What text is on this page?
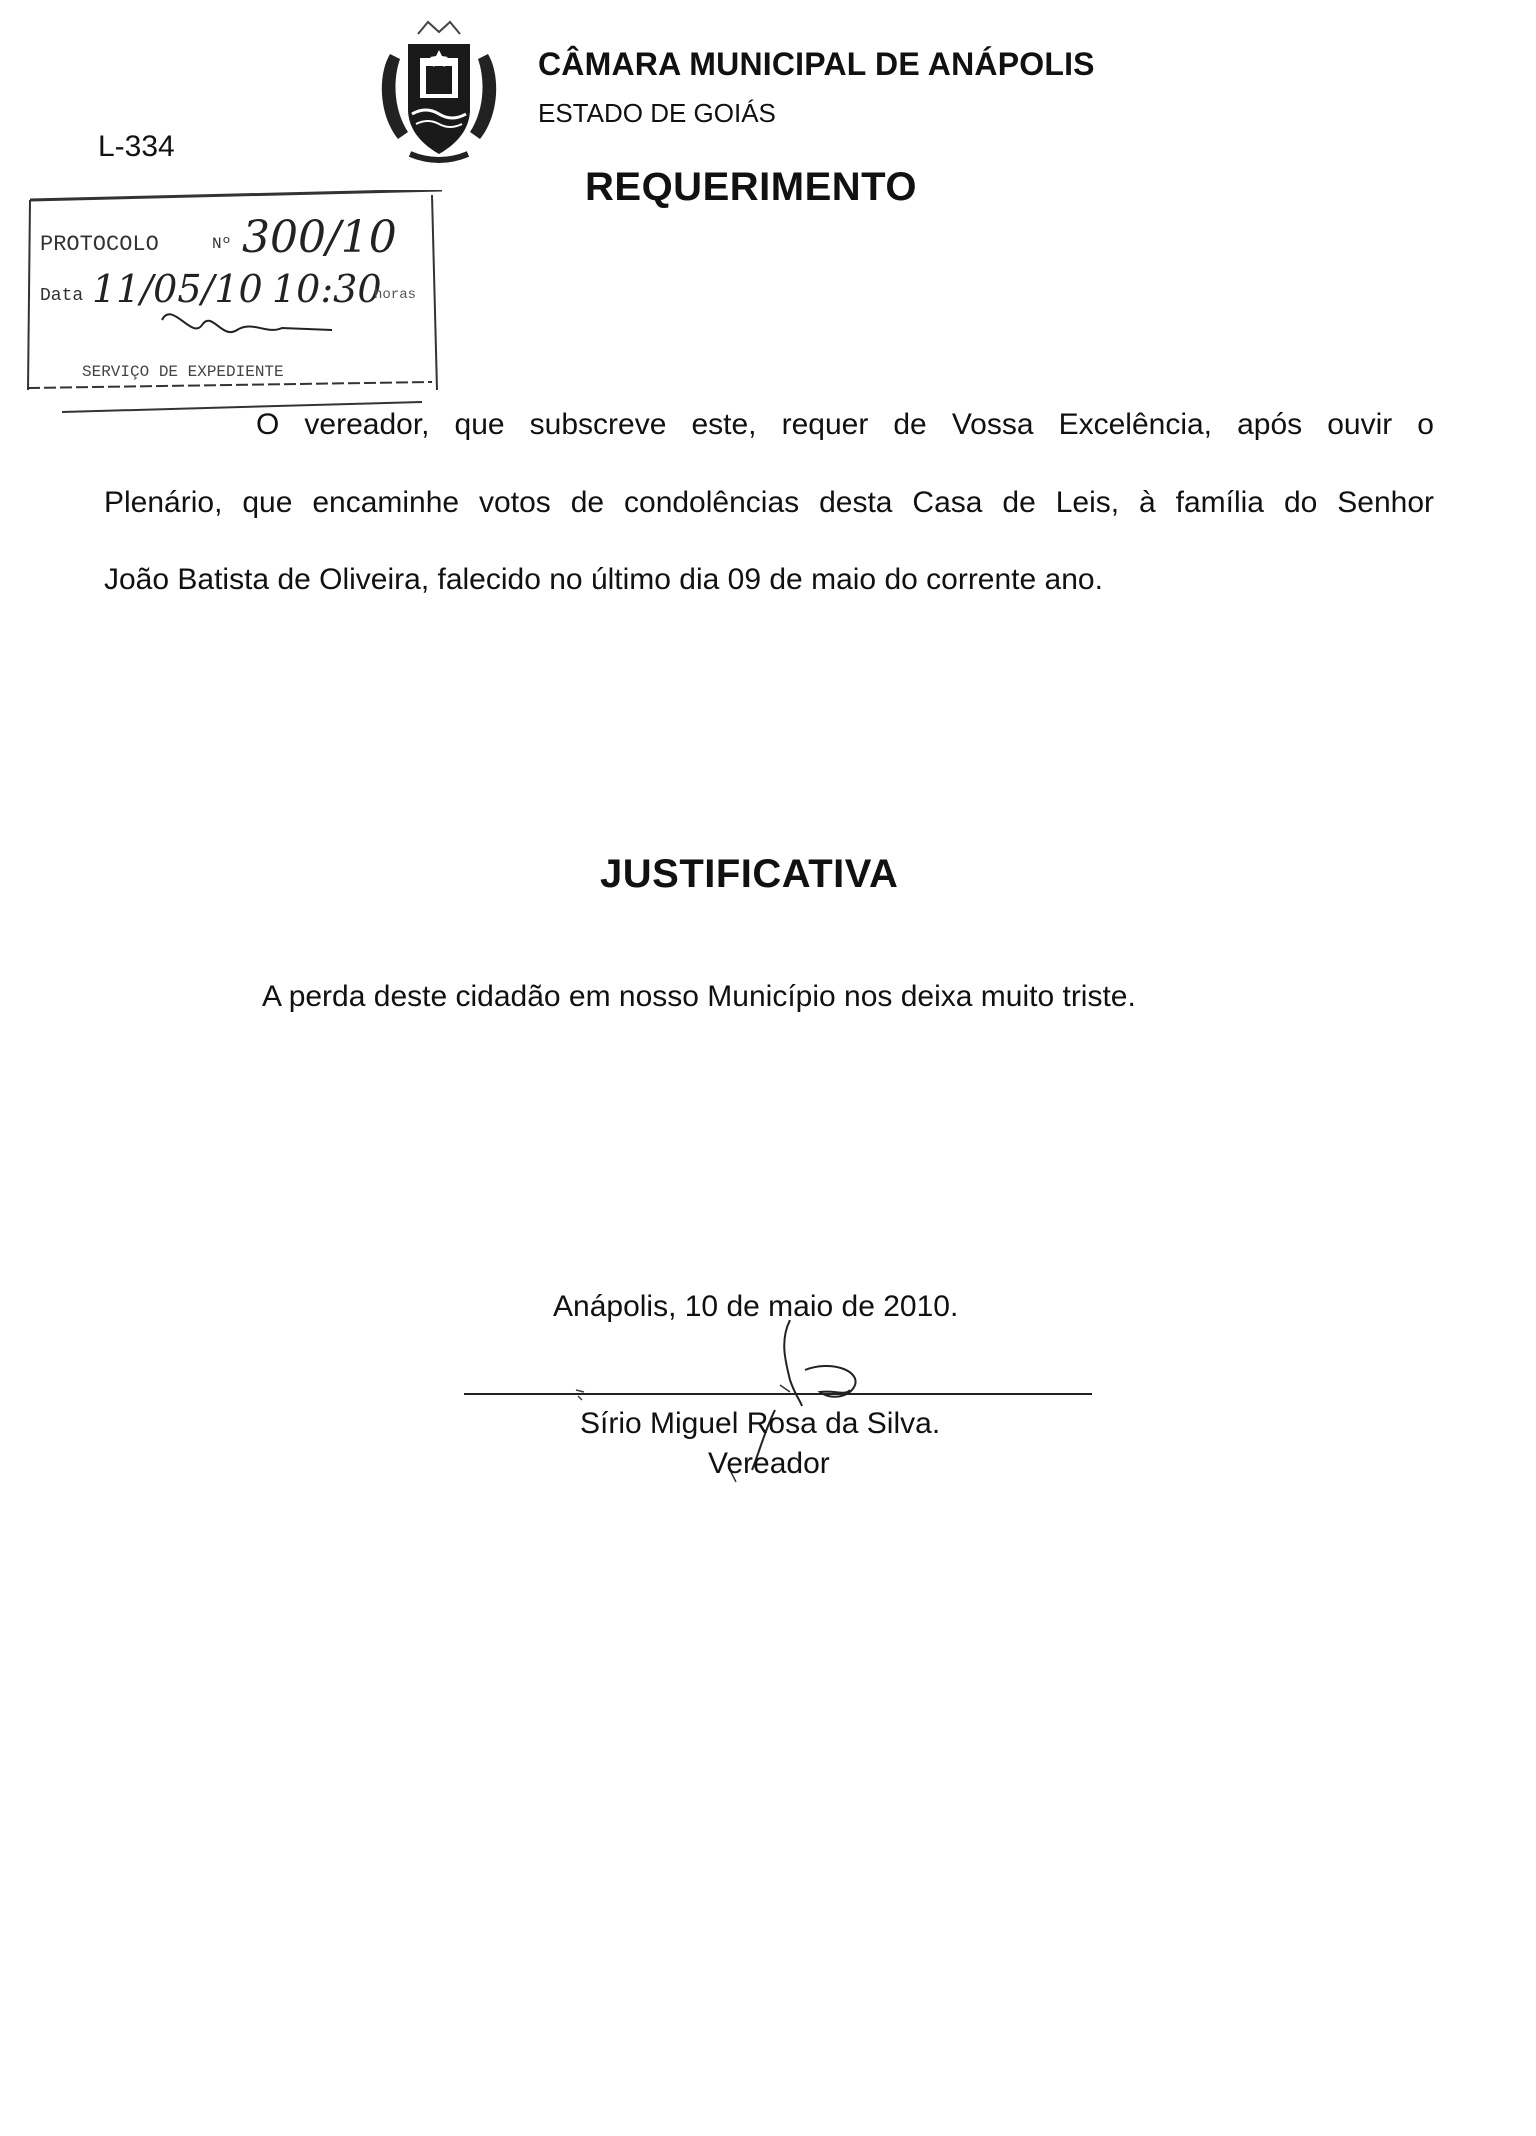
CÂMARA MUNICIPAL DE ANÁPOLIS
ESTADO DE GOIÁS
L-334
REQUERIMENTO
PROTOCOLO	Nº 300/10
Data 11/05/10 10:30
horas
SERVIÇO DE EXPEDIENTE
O vereador, que subscreve este, requer de Vossa Excelência, após ouvir o
Plenário, que encaminhe votos de condolências desta Casa de Leis, à família do Senhor
João Batista de Oliveira, falecido no último dia 09 de maio do corrente ano.
JUSTIFICATIVA
A perda deste cidadão em nosso Município nos deixa muito triste.
Anápolis, 10 de maio de 2010.
Sírio Miguel Rosa da Silva.
Vereador
